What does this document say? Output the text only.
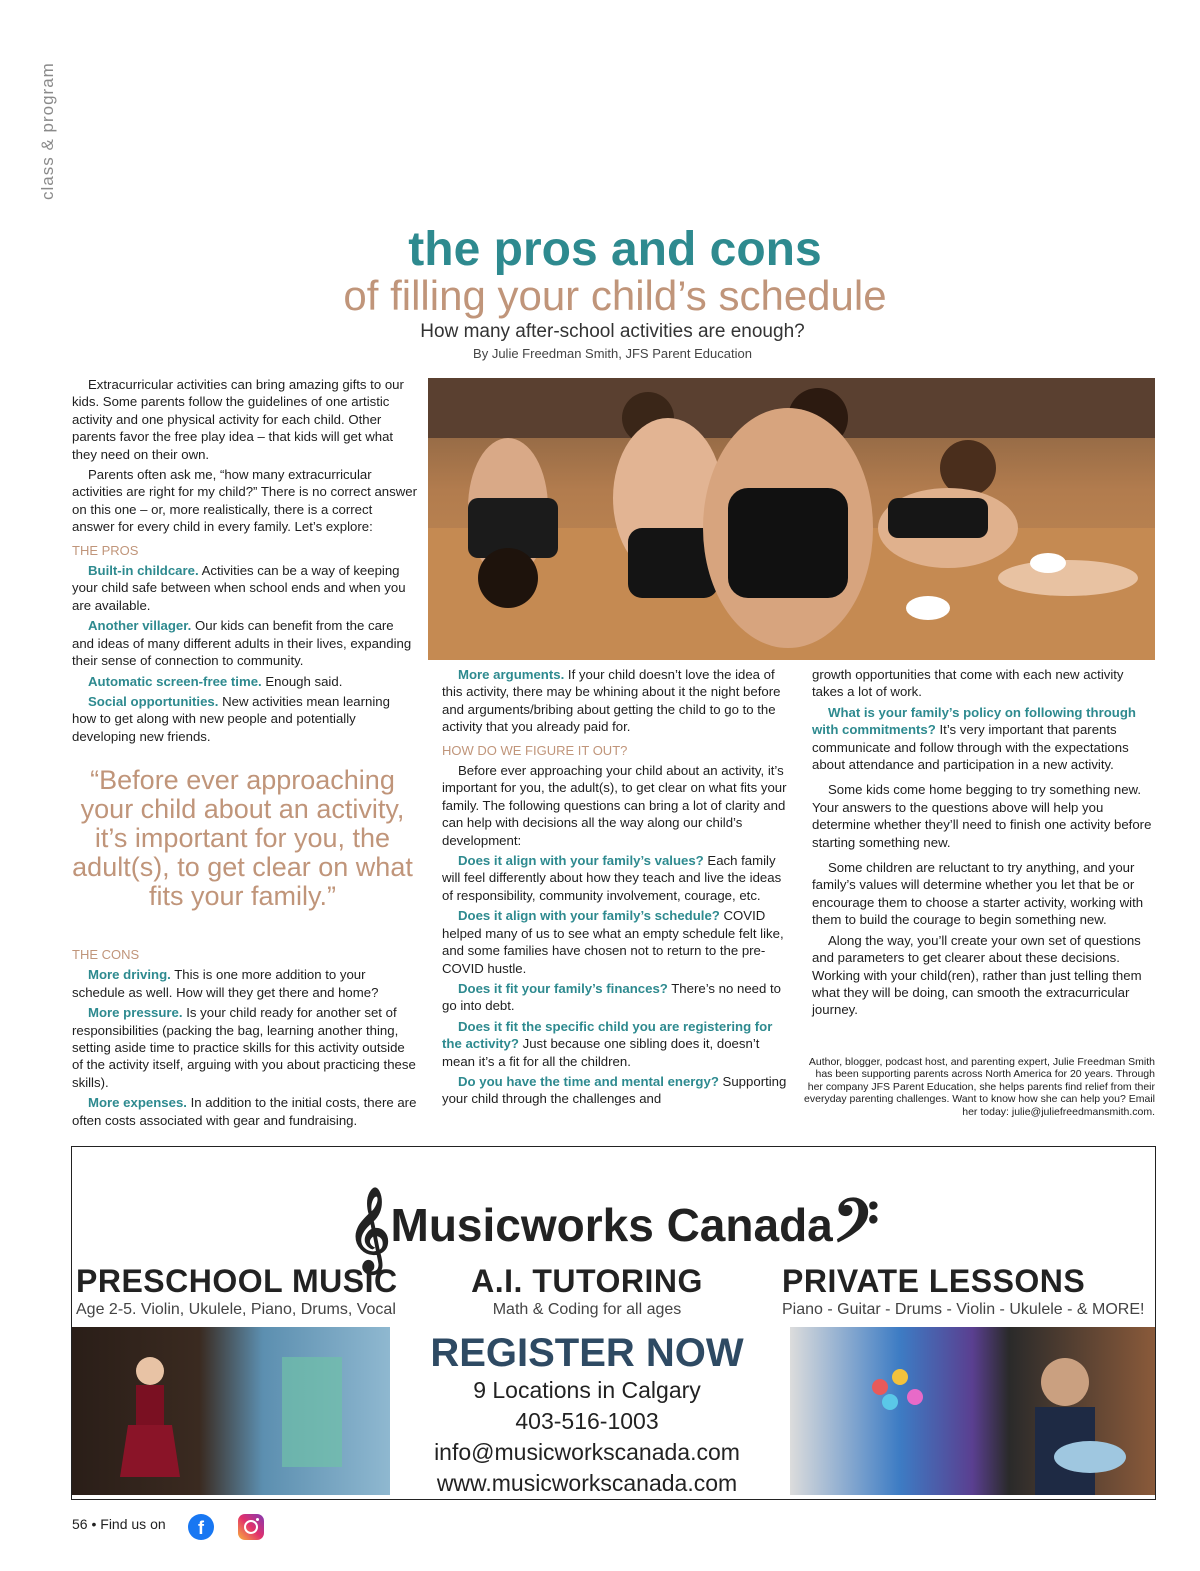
class & program
the pros and cons
of filling your child’s schedule
How many after-school activities are enough?
By Julie Freedman Smith, JFS Parent Education

Extracurricular activities can bring amazing gifts to our kids. Some parents follow the guidelines of one artistic activity and one physical activity for each child. Other parents favor the free play idea – that kids will get what they need on their own.

Parents often ask me, “how many extracurricular activities are right for my child?” There is no correct answer on this one – or, more realistically, there is a correct answer for every child in every family. Let’s explore:

THE PROS

Built-in childcare. Activities can be a way of keeping your child safe between when school ends and when you are available.

Another villager. Our kids can benefit from the care and ideas of many different adults in their lives, expanding their sense of connection to community.

Automatic screen-free time. Enough said.

Social opportunities. New activities mean learning how to get along with new people and potentially developing new friends.

“Before ever approaching your child about an activity, it’s important for you, the adult(s), to get clear on what fits your family.”

THE CONS

More driving. This is one more addition to your schedule as well. How will they get there and home?

More pressure. Is your child ready for another set of responsibilities (packing the bag, learning another thing, setting aside time to practice skills for this activity outside of the activity itself, arguing with you about practicing these skills).

More expenses. In addition to the initial costs, there are often costs associated with gear and fundraising.

More arguments. If your child doesn’t love the idea of this activity, there may be whining about it the night before and arguments/bribing about getting the child to go to the activity that you already paid for.

HOW DO WE FIGURE IT OUT?

Before ever approaching your child about an activity, it’s important for you, the adult(s), to get clear on what fits your family. The following questions can bring a lot of clarity and can help with decisions all the way along our child’s development:

Does it align with your family’s values? Each family will feel differently about how they teach and live the ideas of responsibility, community involvement, courage, etc.

Does it align with your family’s schedule? COVID helped many of us to see what an empty schedule felt like, and some families have chosen not to return to the pre-COVID hustle.

Does it fit your family’s finances? There’s no need to go into debt.

Does it fit the specific child you are registering for the activity? Just because one sibling does it, doesn’t mean it’s a fit for all the children.

Do you have the time and mental energy? Supporting your child through the challenges and

growth opportunities that come with each new activity takes a lot of work.

What is your family’s policy on following through with commitments? It’s very important that parents communicate and follow through with the expectations about attendance and participation in a new activity.

Some kids come home begging to try something new. Your answers to the questions above will help you determine whether they’ll need to finish one activity before starting something new.

Some children are reluctant to try anything, and your family’s values will determine whether you let that be or encourage them to choose a starter activity, working with them to build the courage to begin something new.

Along the way, you’ll create your own set of questions and parameters to get clearer about these decisions. Working with your child(ren), rather than just telling them what they will be doing, can smooth the extracurricular journey.

Author, blogger, podcast host, and parenting expert, Julie Freedman Smith has been supporting parents across North America for 20 years. Through her company JFS Parent Education, she helps parents find relief from their everyday parenting challenges. Want to know how she can help you? Email her today: julie@juliefreedmansmith.com.
𝄞Musicworks Canada𝄢
PRESCHOOL MUSIC
Age 2-5. Violin, Ukulele, Piano, Drums, Vocal
A.I. TUTORING
Math & Coding for all ages
PRIVATE LESSONS
Piano - Guitar - Drums - Violin - Ukulele - & MORE!
REGISTER NOW
9 Locations in Calgary
403-516-1003
info@musicworkscanada.com
www.musicworkscanada.com
56 • Find us on	f
